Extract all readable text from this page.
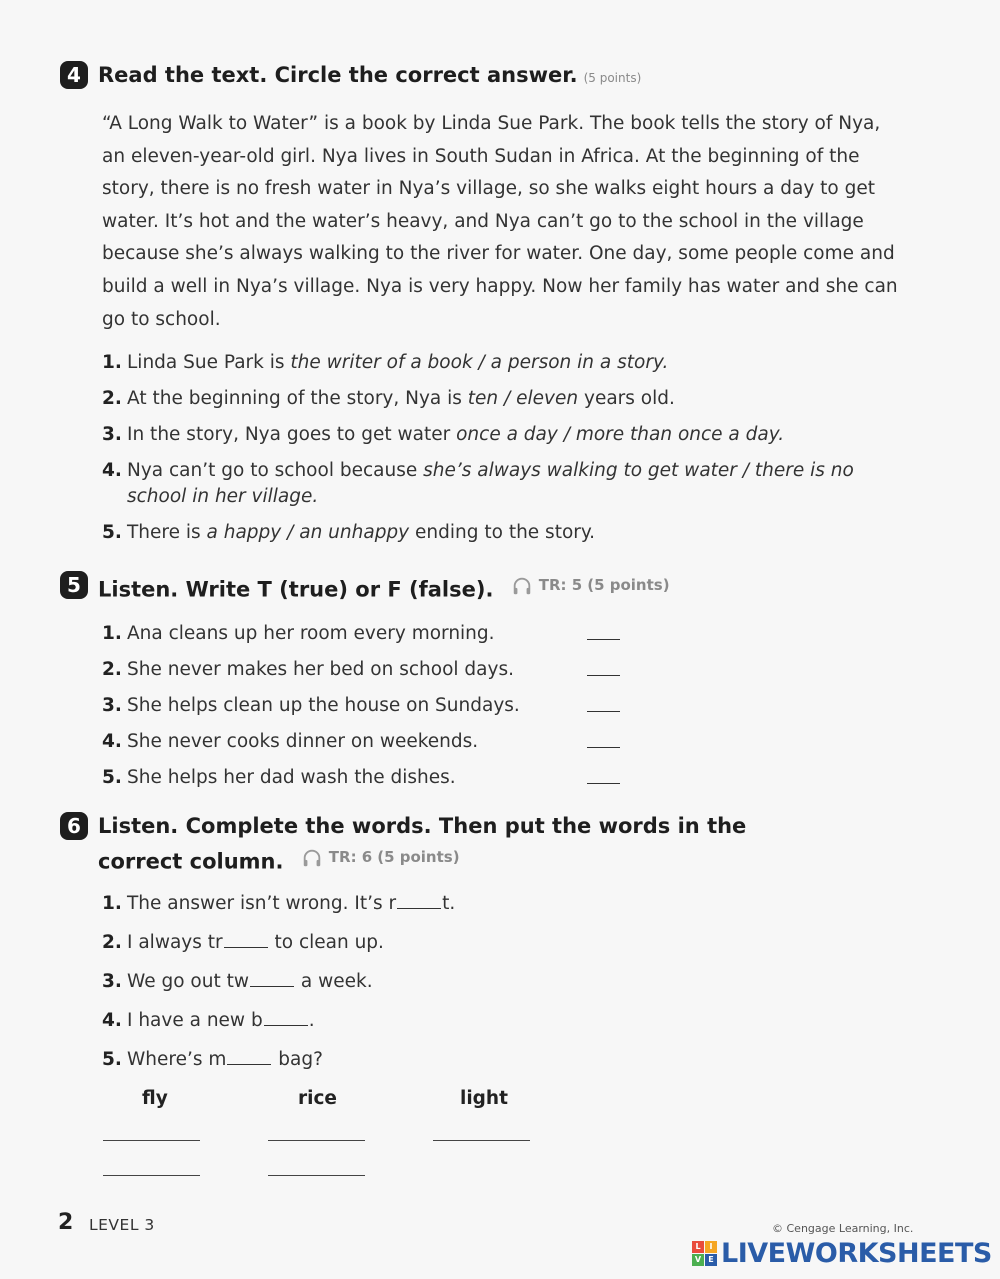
4 Read the text. Circle the correct answer. (5 points)

“A Long Walk to Water” is a book by Linda Sue Park. The book tells the story of Nya, an eleven-year-old girl. Nya lives in South Sudan in Africa. At the beginning of the story, there is no fresh water in Nya’s village, so she walks eight hours a day to get water. It’s hot and the water’s heavy, and Nya can’t go to the school in the village because she’s always walking to the river for water. One day, some people come and build a well in Nya’s village. Nya is very happy. Now her family has water and she can go to school.

1. Linda Sue Park is the writer of a book / a person in a story.
2. At the beginning of the story, Nya is ten / eleven years old.
3. In the story, Nya goes to get water once a day / more than once a day.
4. Nya can’t go to school because she’s always walking to get water / there is no school in her village.
5. There is a happy / an unhappy ending to the story.
5 Listen. Write T (true) or F (false).	TR: 5 (5 points)
1. Ana cleans up her room every morning.
2. She never makes her bed on school days.
3. She helps clean up the house on Sundays.
4. She never cooks dinner on weekends.
5. She helps her dad wash the dishes.
6 Listen. Complete the words. Then put the words in the
correct column.	TR: 6 (5 points)
1. The answer isn’t wrong. It’s r t.
2. I always tr to clean up.
3. We go out tw a week.
4. I have a new b .
5. Where’s m bag?
fly	rice	light
2 LEVEL 3	© Cengage Learning, Inc.
L	I
V E LIVEWORKSHEETS
